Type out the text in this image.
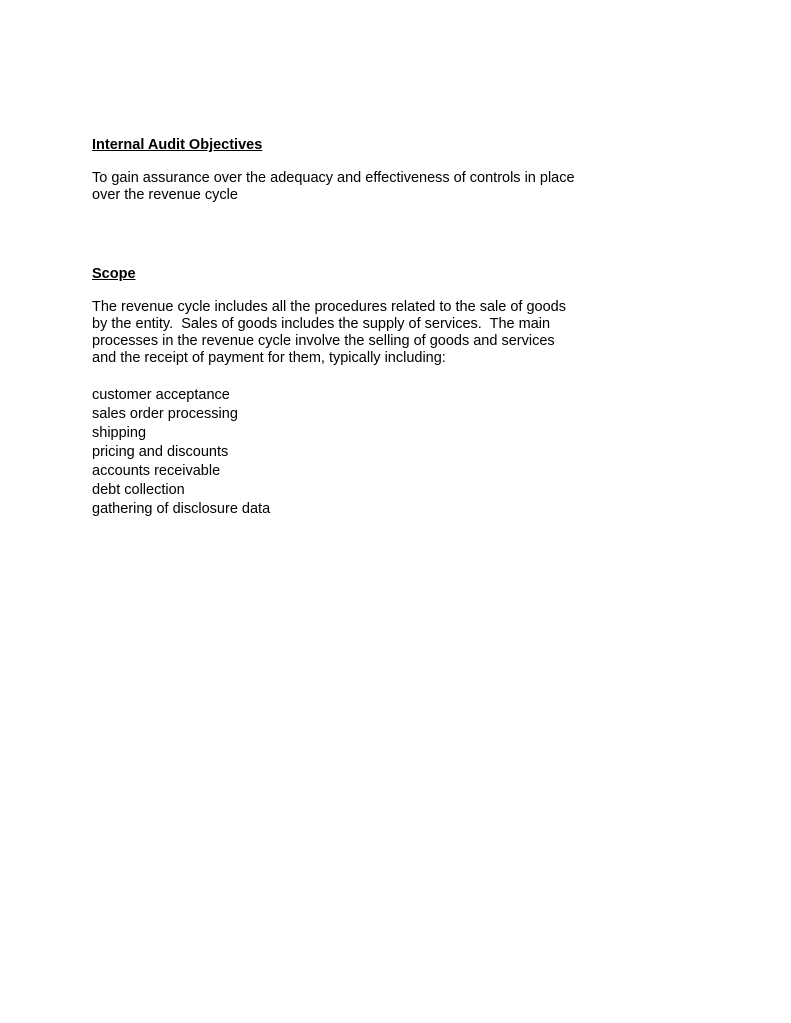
Internal Audit Objectives

To gain assurance over the adequacy and effectiveness of controls in place
over the revenue cycle

Scope

The revenue cycle includes all the procedures related to the sale of goods
by the entity.  Sales of goods includes the supply of services.  The main
processes in the revenue cycle involve the selling of goods and services
and the receipt of payment for them, typically including:

customer acceptance
sales order processing
shipping
pricing and discounts
accounts receivable
debt collection
gathering of disclosure data
